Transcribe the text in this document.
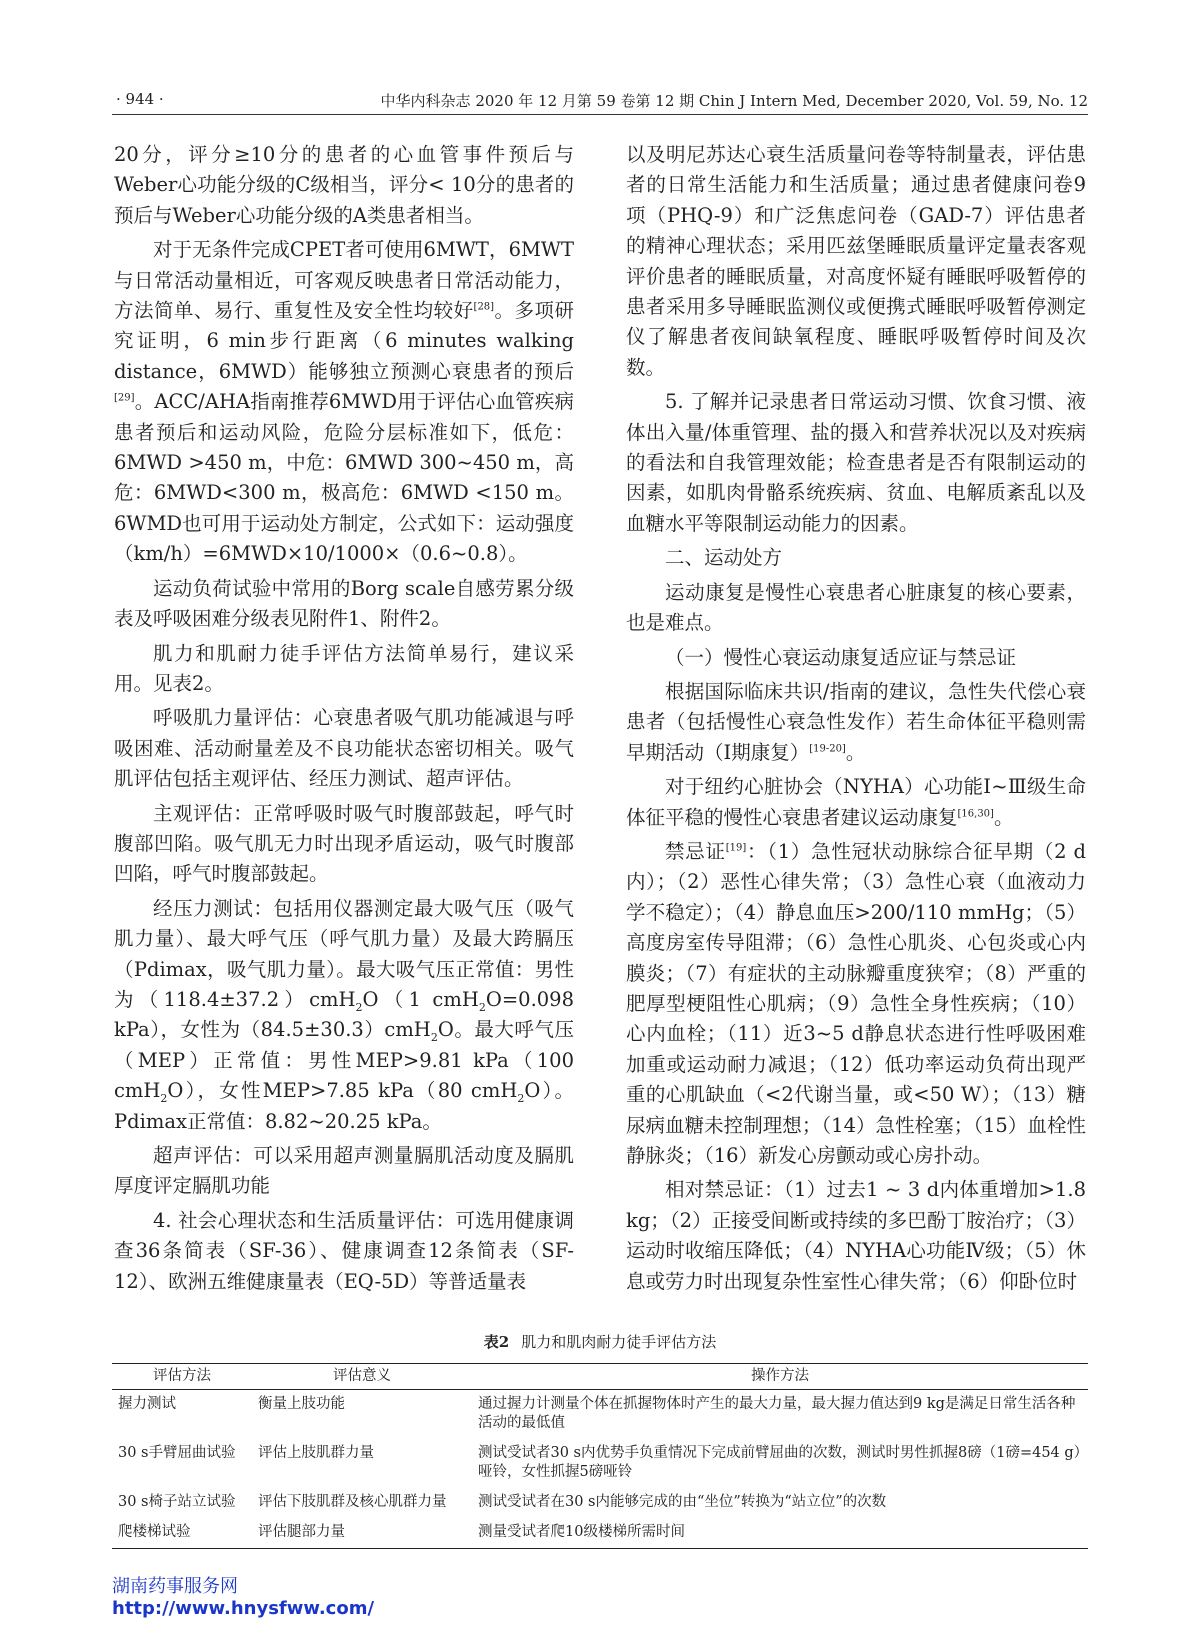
· 944 ·	中华内科杂志 2020 年 12 月第 59 卷第 12 期 Chin J Intern Med, December 2020, Vol. 59, No. 12

20分，评分≥10分的患者的心血管事件预后与Weber心功能分级的C级相当，评分< 10分的患者的预后与Weber心功能分级的A类患者相当。

对于无条件完成CPET者可使用6MWT，6MWT与日常活动量相近，可客观反映患者日常活动能力，方法简单、易行、重复性及安全性均较好[28]。多项研究证明，6 min步行距离（6 minutes walking distance，6MWD）能够独立预测心衰患者的预后[29]。ACC/AHA指南推荐6MWD用于评估心血管疾病患者预后和运动风险，危险分层标准如下，低危：6MWD >450 m，中危：6MWD 300~450 m，高危：6MWD<300 m，极高危：6MWD <150 m。6WMD也可用于运动处方制定，公式如下：运动强度（km/h）=6MWD×10/1000×（0.6~0.8）。

运动负荷试验中常用的Borg scale自感劳累分级表及呼吸困难分级表见附件1、附件2。

肌力和肌耐力徒手评估方法简单易行，建议采用。见表2。

呼吸肌力量评估：心衰患者吸气肌功能减退与呼吸困难、活动耐量差及不良功能状态密切相关。吸气肌评估包括主观评估、经压力测试、超声评估。

主观评估：正常呼吸时吸气时腹部鼓起，呼气时腹部凹陷。吸气肌无力时出现矛盾运动，吸气时腹部凹陷，呼气时腹部鼓起。

经压力测试：包括用仪器测定最大吸气压（吸气肌力量）、最大呼气压（呼气肌力量）及最大跨膈压（Pdimax，吸气肌力量）。最大吸气压正常值：男性为（118.4±37.2）cmH$_2$O（1 cmH$_2$O=0.098 kPa），女性为（84.5±30.3）cmH$_2$O。最大呼气压（MEP）正常值：男性MEP>9.81 kPa（100 cmH$_2$O），女性MEP>7.85 kPa（80 cmH$_2$O）。Pdimax正常值：8.82~20.25 kPa。

超声评估：可以采用超声测量膈肌活动度及膈肌厚度评定膈肌功能

4. 社会心理状态和生活质量评估：可选用健康调查36条简表（SF-36）、健康调查12条简表（SF-12）、欧洲五维健康量表（EQ-5D）等普适量表

以及明尼苏达心衰生活质量问卷等特制量表，评估患者的日常生活能力和生活质量；通过患者健康问卷9项（PHQ-9）和广泛焦虑问卷（GAD-7）评估患者的精神心理状态；采用匹兹堡睡眠质量评定量表客观评价患者的睡眠质量，对高度怀疑有睡眠呼吸暂停的患者采用多导睡眠监测仪或便携式睡眠呼吸暂停测定仪了解患者夜间缺氧程度、睡眠呼吸暂停时间及次数。

5. 了解并记录患者日常运动习惯、饮食习惯、液体出入量/体重管理、盐的摄入和营养状况以及对疾病的看法和自我管理效能；检查患者是否有限制运动的因素，如肌肉骨骼系统疾病、贫血、电解质紊乱以及血糖水平等限制运动能力的因素。

二、运动处方

运动康复是慢性心衰患者心脏康复的核心要素，也是难点。

（一）慢性心衰运动康复适应证与禁忌证

根据国际临床共识/指南的建议，急性失代偿心衰患者（包括慢性心衰急性发作）若生命体征平稳则需早期活动（Ⅰ期康复）[19-20]。

对于纽约心脏协会（NYHA）心功能Ⅰ~Ⅲ级生命体征平稳的慢性心衰患者建议运动康复[16,30]。

禁忌证[19]：（1）急性冠状动脉综合征早期（2 d内）；（2）恶性心律失常；（3）急性心衰（血液动力学不稳定）；（4）静息血压>200/110 mmHg；（5）高度房室传导阻滞；（6）急性心肌炎、心包炎或心内膜炎；（7）有症状的主动脉瓣重度狭窄；（8）严重的肥厚型梗阻性心肌病；（9）急性全身性疾病；（10）心内血栓；（11）近3~5 d静息状态进行性呼吸困难加重或运动耐力减退；（12）低功率运动负荷出现严重的心肌缺血（<2代谢当量，或<50 W）；（13）糖尿病血糖未控制理想；（14）急性栓塞；（15）血栓性静脉炎；（16）新发心房颤动或心房扑动。

相对禁忌证：（1）过去1 ~ 3 d内体重增加>1.8 kg；（2）正接受间断或持续的多巴酚丁胺治疗；（3）运动时收缩压降低；（4）NYHA心功能Ⅳ级；（5）休息或劳力时出现复杂性室性心律失常；（6）仰卧位时

表2 肌力和肌肉耐力徒手评估方法
评估方法	评估意义	操作方法
握力测试	衡量上肢功能	通过握力计测量个体在抓握物体时产生的最大力量，最大握力值达到9 kg是满足日常生活各种活动的最低值
30 s手臂屈曲试验	评估上肢肌群力量	测试受试者30 s内优势手负重情况下完成前臂屈曲的次数，测试时男性抓握8磅（1磅=454 g）哑铃，女性抓握5磅哑铃
30 s椅子站立试验	评估下肢肌群及核心肌群力量	测试受试者在30 s内能够完成的由“坐位”转换为“站立位”的次数
爬楼梯试验	评估腿部力量	测量受试者爬10级楼梯所需时间
湖南药事服务网
http://www.hnysfww.com/
